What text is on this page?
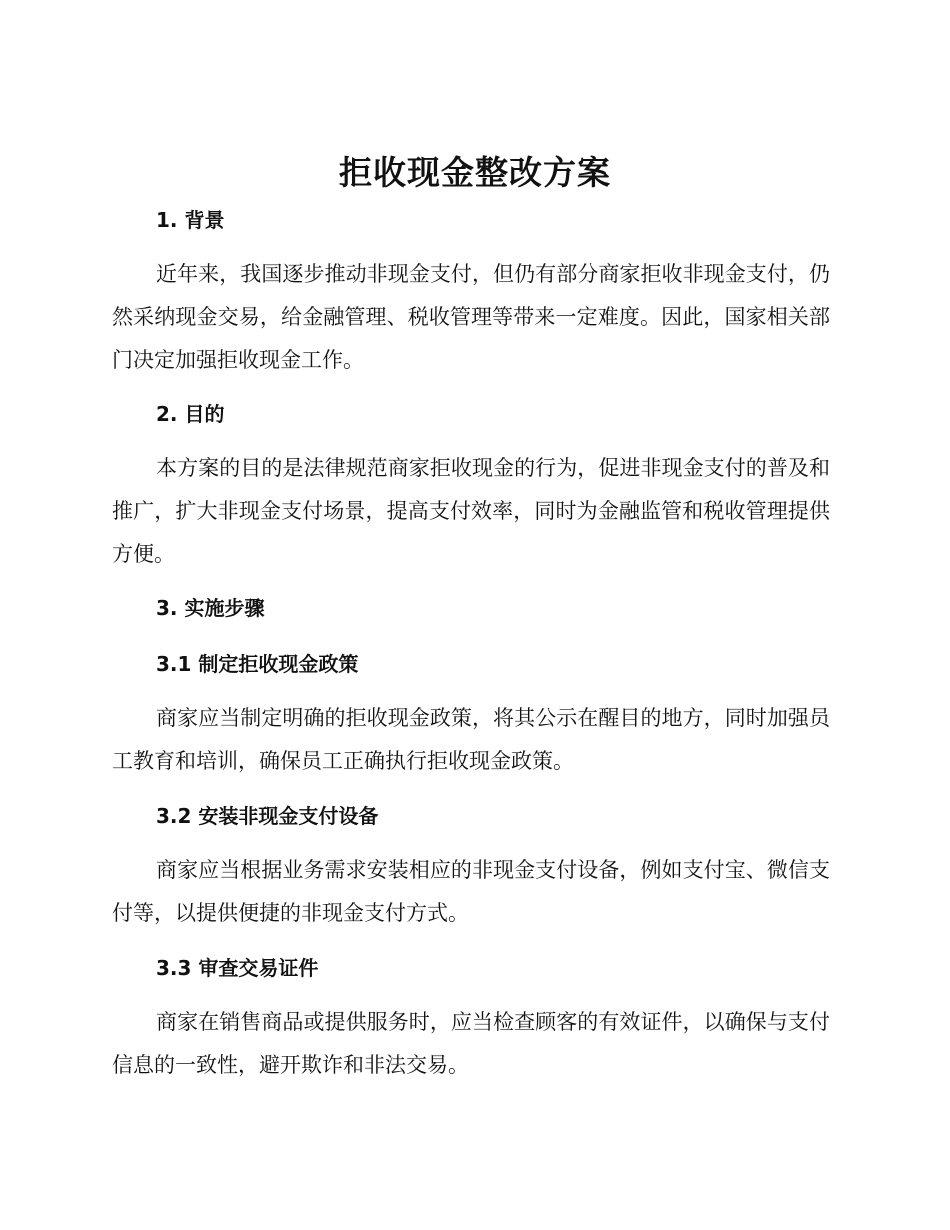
拒收现金整改方案
1. 背景

近年来，我国逐步推动非现金支付，但仍有部分商家拒收非现金支付，仍然采纳现金交易，给金融管理、税收管理等带来一定难度。因此，国家相关部门决定加强拒收现金工作。

2. 目的

本方案的目的是法律规范商家拒收现金的行为，促进非现金支付的普及和推广，扩大非现金支付场景，提高支付效率，同时为金融监管和税收管理提供方便。

3. 实施步骤
3.1 制定拒收现金政策

商家应当制定明确的拒收现金政策，将其公示在醒目的地方，同时加强员工教育和培训，确保员工正确执行拒收现金政策。

3.2 安装非现金支付设备

商家应当根据业务需求安装相应的非现金支付设备，例如支付宝、微信支付等，以提供便捷的非现金支付方式。

3.3 审查交易证件

商家在销售商品或提供服务时，应当检查顾客的有效证件，以确保与支付信息的一致性，避开欺诈和非法交易。
